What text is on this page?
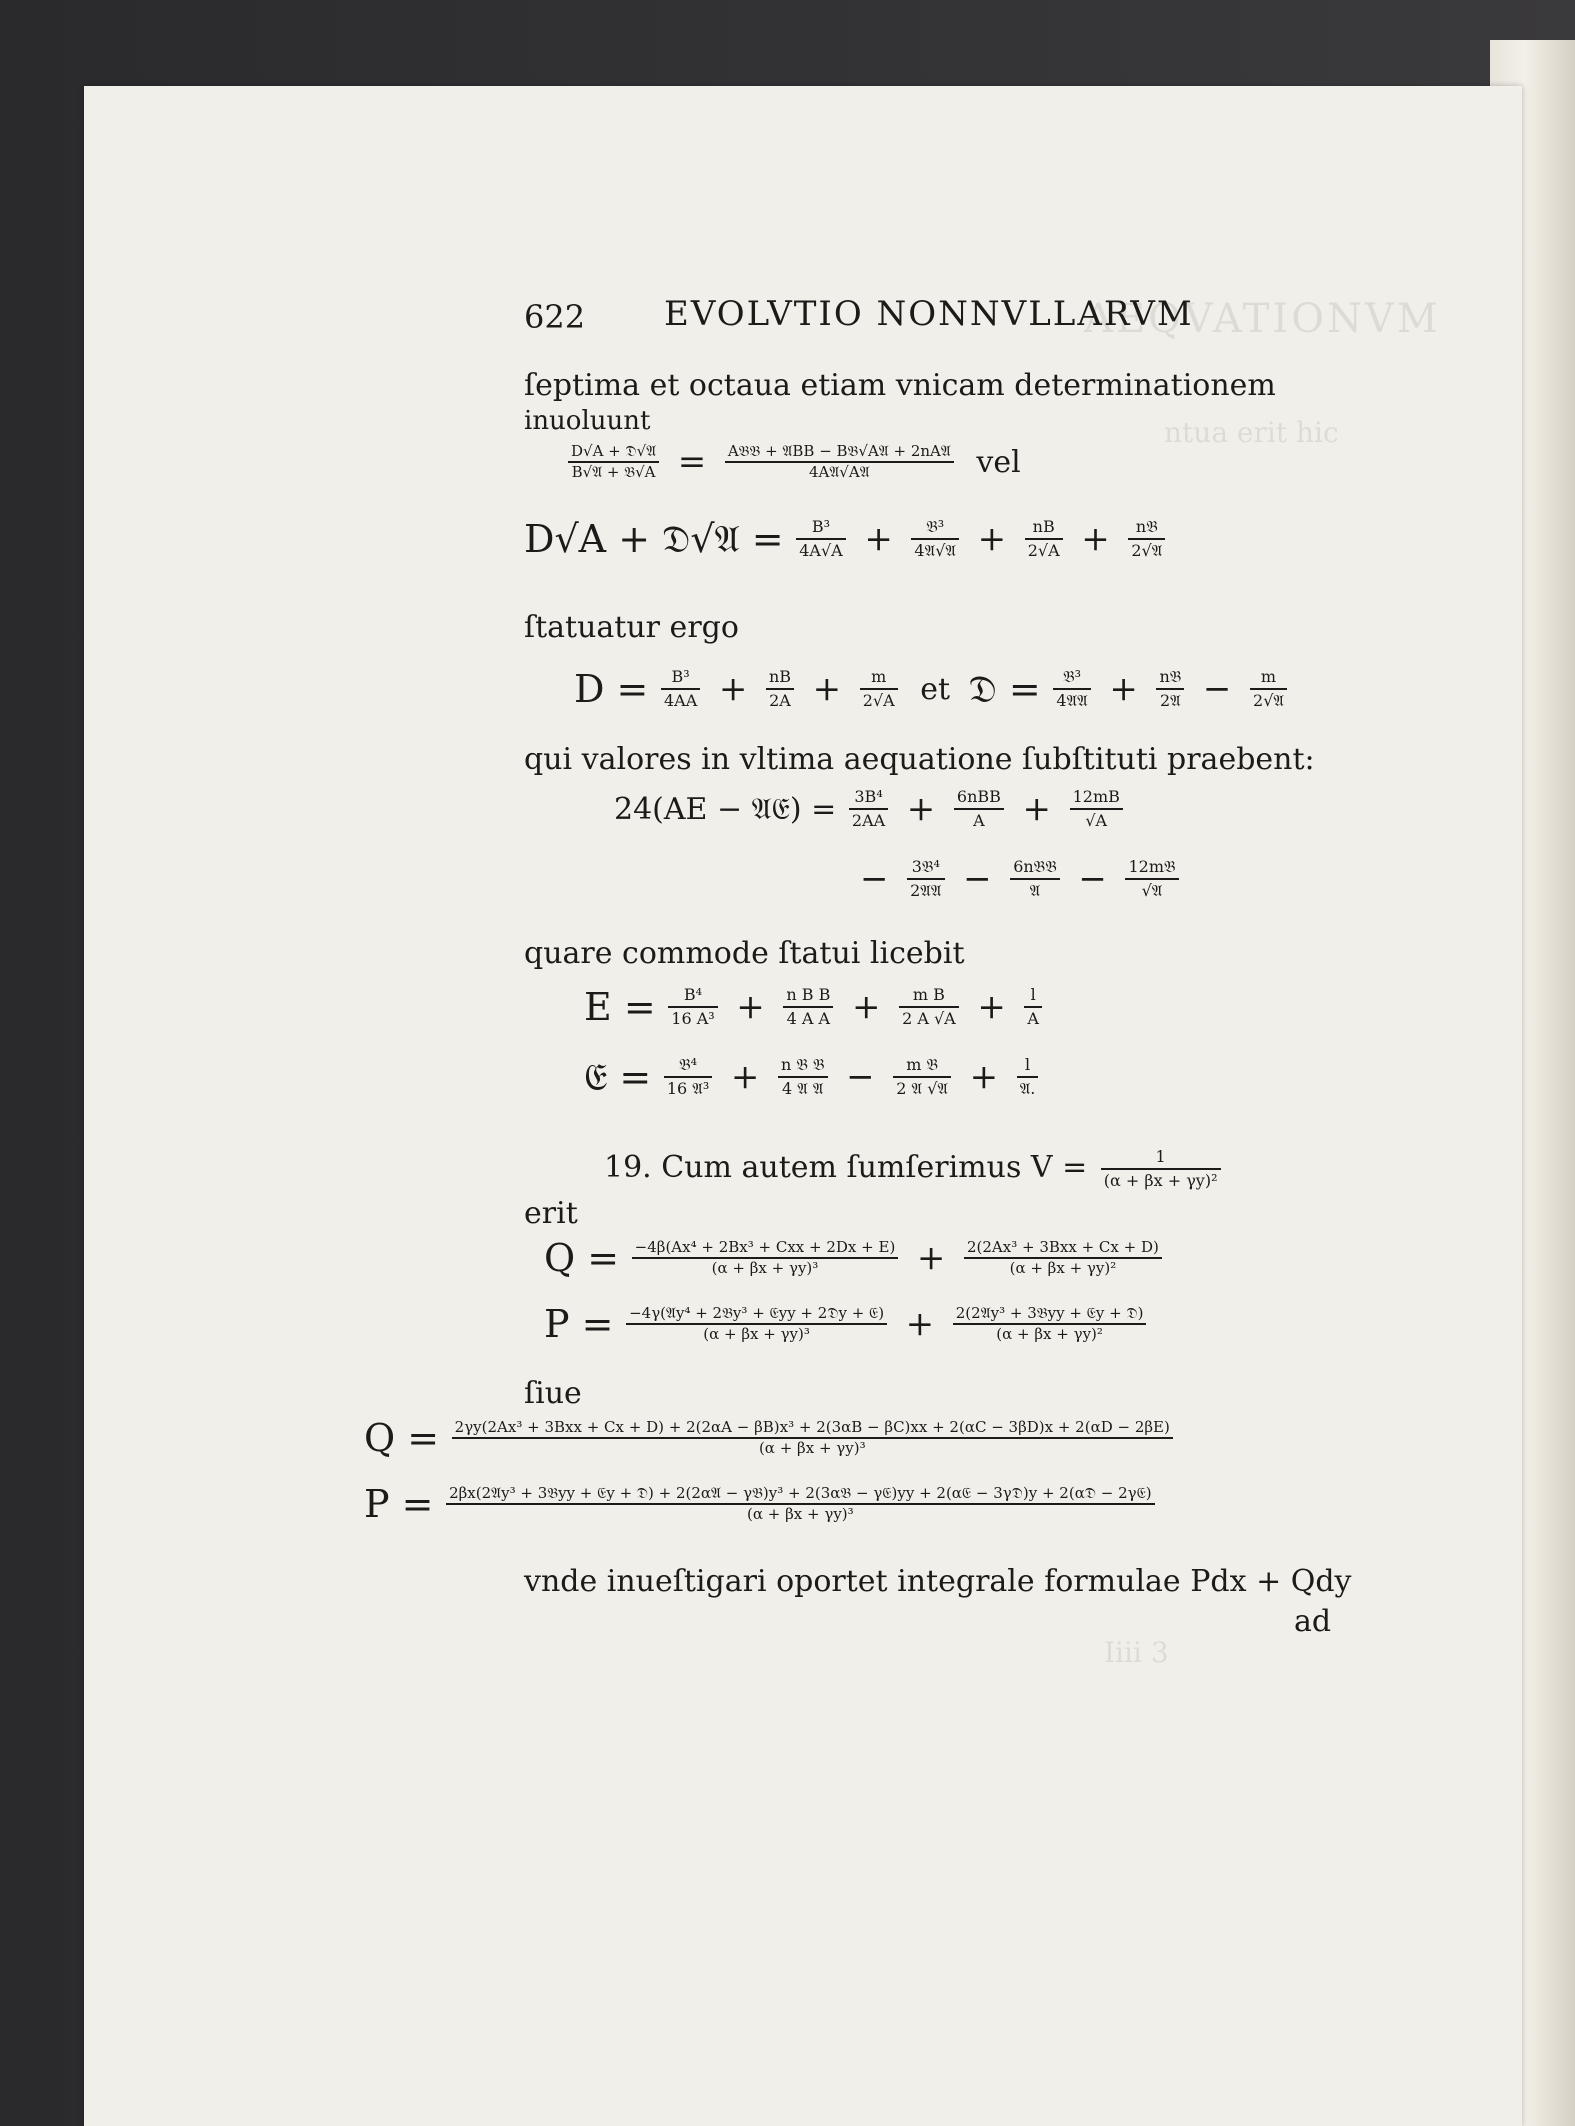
AEQVATIONVM
ntua erit hic
Iiii 3
622 EVOLVTIO NONNVLLARVM
ſeptima et octaua etiam vnicam determinationem
inuoluunt
$\frac{\text{D√A + 𝔇√𝔄}}{\text{B√𝔄 + 𝔅√A}} = \frac{\text{A𝔅𝔅 + 𝔄BB − B𝔅√A𝔄 + 2nA𝔄}}{\text{4A𝔄√A𝔄}}$ vel
D√A + 𝔇√𝔄 = $\frac{\text{B³}}{4A√A} + \frac{\text{𝔅³}}{\text{4𝔄√𝔄}} + \frac{nB}{2√A} + \frac{\text{n𝔅}}{\text{2√𝔄}}$
ſtatuatur ergo
$D = \frac{\text{B³}}{4AA} + \frac{nB}{2A} + \frac{m}{2√A}$ et 𝔇 = $\frac{\text{𝔅³}}{\text{4𝔄𝔄}} + \frac{\text{n𝔅}}{\text{2𝔄}} - \frac{m}{\text{2√𝔄}}$
qui valores in vltima aequatione ſubſtituti praebent:
24(AE − 𝔄𝔈) = $\frac{\text{3B⁴}}{2AA} + \frac{\text{6nBB}}{A} + \frac{12mB}{√A}$
− $\frac{\text{3𝔅⁴}}{\text{2𝔄𝔄}} - \frac{\text{6n𝔅𝔅}}{\text{𝔄}} - \frac{\text{12m𝔅}}{\text{√𝔄}}$
quare commode ſtatui licebit
$E = \frac{\text{B⁴}}{\text{16 A³}} + \frac{\text{n B B}}{\text{4 A A}} + \frac{\text{m B}}{2 A √A} + \frac{l}{A}$
𝔈 = $\frac{\text{𝔅⁴}}{\text{16 𝔄³}} + \frac{\text{n 𝔅 𝔅}}{\text{4 𝔄 𝔄}} - \frac{\text{m 𝔅}}{\text{2 𝔄 √𝔄}} + \frac{l}{\text{𝔄.}}$
19. Cum autem ſumſerimus $V = \frac{1}{\text{(α + βx + γy)²}}$
erit
$Q = \frac{\text{−4β(Ax⁴ + 2Bx³ + Cxx + 2Dx + E)}}{\text{(α + βx + γy)³}} + \frac{\text{2(2Ax³ + 3Bxx + Cx + D)}}{\text{(α + βx + γy)²}}$
$P = \frac{\text{−4γ(𝔄y⁴ + 2𝔅y³ + 𝔈yy + 2𝔇y + 𝔈)}}{\text{(α + βx + γy)³}} + \frac{\text{2(2𝔄y³ + 3𝔅yy + 𝔈y + 𝔇)}}{\text{(α + βx + γy)²}}$
ſiue
Q = 2γy(2Ax³ + 3Bxx + Cx + D) + 2(2αA − βB)x³ + 2(3αB − βC)xx + 2(αC − 3βD)x + 2(αD − 2βE)
(α + βx + γy)³
P = 2βx(2𝔄y³ + 3𝔅yy + 𝔈y + 𝔇) + 2(2α𝔄 − γ𝔅)y³ + 2(3α𝔅 − γ𝔈)yy + 2(α𝔈 − 3γ𝔇)y + 2(α𝔇 − 2γ𝔈)
(α + βx + γy)³
vnde inueſtigari oportet integrale formulae Pdx + Qdy
ad
